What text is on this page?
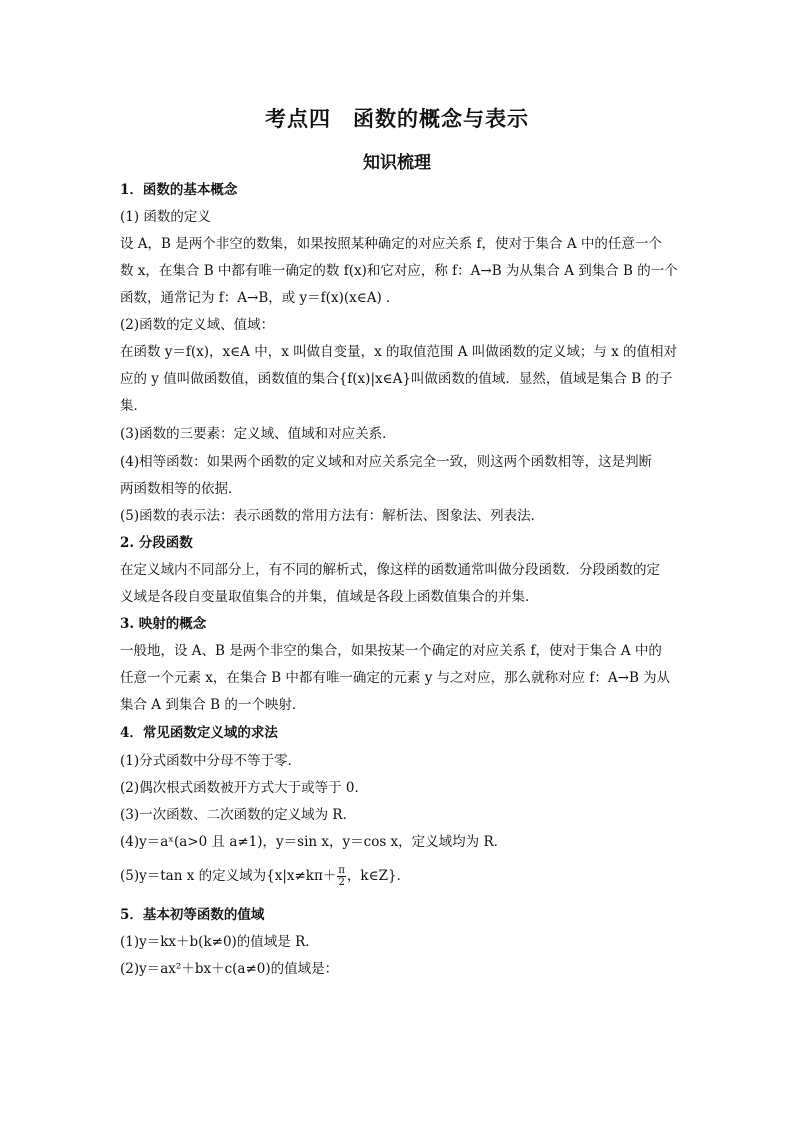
考点四　函数的概念与表示
知识梳理
1．函数的基本概念
(1) 函数的定义
设 A，B 是两个非空的数集，如果按照某种确定的对应关系 f，使对于集合 A 中的任意一个
数 x，在集合 B 中都有唯一确定的数 f(x)和它对应，称 f：A→B 为从集合 A 到集合 B 的一个
函数，通常记为 f：A→B，或 y＝f(x)(x∈A) ．
(2)函数的定义域、值域：
在函数 y＝f(x)，x∈A 中，x 叫做自变量，x 的取值范围 A 叫做函数的定义域；与 x 的值相对
应的 y 值叫做函数值，函数值的集合{f(x)|x∈A}叫做函数的值域．显然，值域是集合 B 的子
集．
(3)函数的三要素：定义域、值域和对应关系．
(4)相等函数：如果两个函数的定义域和对应关系完全一致，则这两个函数相等，这是判断
两函数相等的依据．
(5)函数的表示法：表示函数的常用方法有：解析法、图象法、列表法．
2. 分段函数
在定义域内不同部分上，有不同的解析式，像这样的函数通常叫做分段函数．分段函数的定
义域是各段自变量取值集合的并集，值域是各段上函数值集合的并集．
3. 映射的概念
一般地，设 A、B 是两个非空的集合，如果按某一个确定的对应关系 f，使对于集合 A 中的
任意一个元素 x，在集合 B 中都有唯一确定的元素 y 与之对应，那么就称对应 f：A→B 为从
集合 A 到集合 B 的一个映射．
4．常见函数定义域的求法
(1)分式函数中分母不等于零．
(2)偶次根式函数被开方式大于或等于 0．
(3)一次函数、二次函数的定义域为 R．
(4)y＝aˣ(a>0 且 a≠1)，y＝sin x，y＝cos x，定义域均为 R．
(5)y＝tan x 的定义域为{$x|x\ne k\pi+ \frac{\pi}{2}$ ，k∈Z}．
5．基本初等函数的值域
(1)y＝kx＋b(k≠0)的值域是 R．
(2)y＝ax²＋bx＋c(a≠0)的值域是：
